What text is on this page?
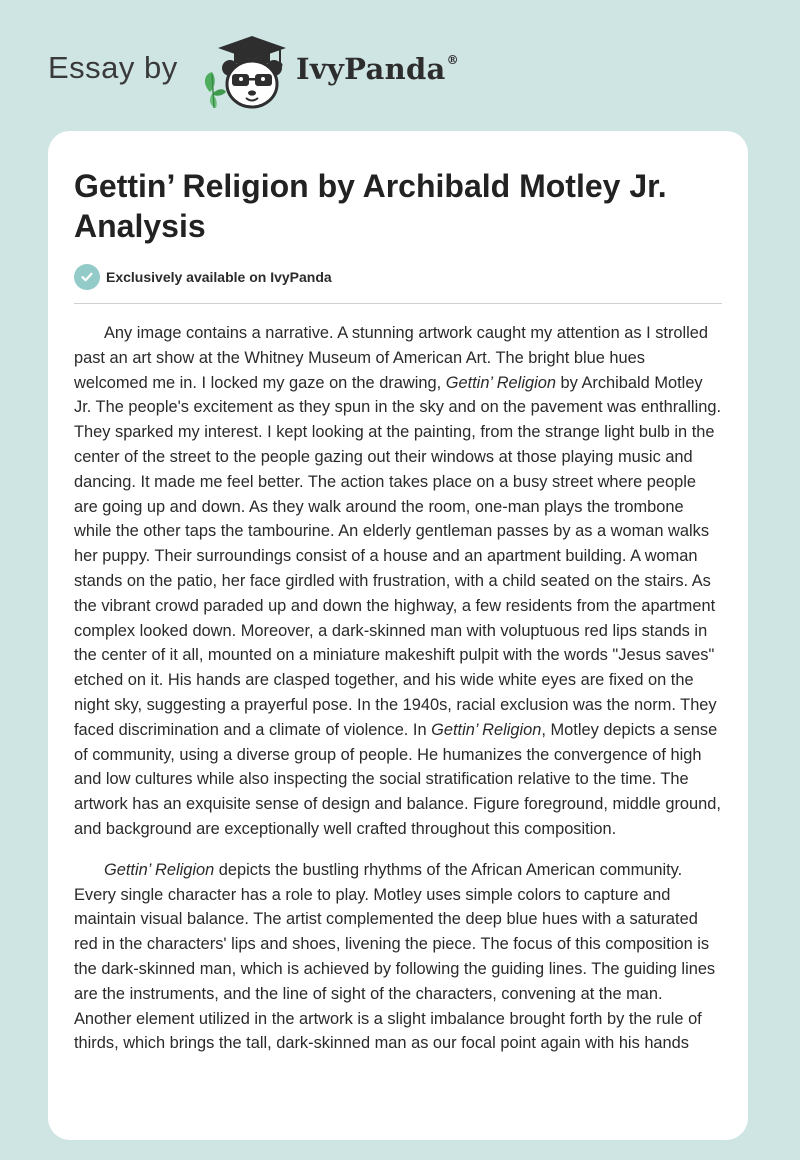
Essay by	IvyPanda®
Gettin’ Religion by Archibald Motley Jr. Analysis
Exclusively available on IvyPanda

Any image contains a narrative. A stunning artwork caught my attention as I strolled past an art show at the Whitney Museum of American Art. The bright blue hues welcomed me in. I locked my gaze on the drawing, Gettin’ Religion by Archibald Motley Jr. The people's excitement as they spun in the sky and on the pavement was enthralling. They sparked my interest. I kept looking at the painting, from the strange light bulb in the center of the street to the people gazing out their windows at those playing music and dancing. It made me feel better. The action takes place on a busy street where people are going up and down. As they walk around the room, one-man plays the trombone while the other taps the tambourine. An elderly gentleman passes by as a woman walks her puppy. Their surroundings consist of a house and an apartment building. A woman stands on the patio, her face girdled with frustration, with a child seated on the stairs. As the vibrant crowd paraded up and down the highway, a few residents from the apartment complex looked down. Moreover, a dark-skinned man with voluptuous red lips stands in the center of it all, mounted on a miniature makeshift pulpit with the words "Jesus saves" etched on it. His hands are clasped together, and his wide white eyes are fixed on the night sky, suggesting a prayerful pose. In the 1940s, racial exclusion was the norm. They faced discrimination and a climate of violence. In Gettin’ Religion, Motley depicts a sense of community, using a diverse group of people. He humanizes the convergence of high and low cultures while also inspecting the social stratification relative to the time. The artwork has an exquisite sense of design and balance. Figure foreground, middle ground, and background are exceptionally well crafted throughout this composition.

Gettin’ Religion depicts the bustling rhythms of the African American community. Every single character has a role to play. Motley uses simple colors to capture and maintain visual balance. The artist complemented the deep blue hues with a saturated red in the characters' lips and shoes, livening the piece. The focus of this composition is the dark-skinned man, which is achieved by following the guiding lines. The guiding lines are the instruments, and the line of sight of the characters, convening at the man. Another element utilized in the artwork is a slight imbalance brought forth by the rule of thirds, which brings the tall, dark-skinned man as our focal point again with his hands
